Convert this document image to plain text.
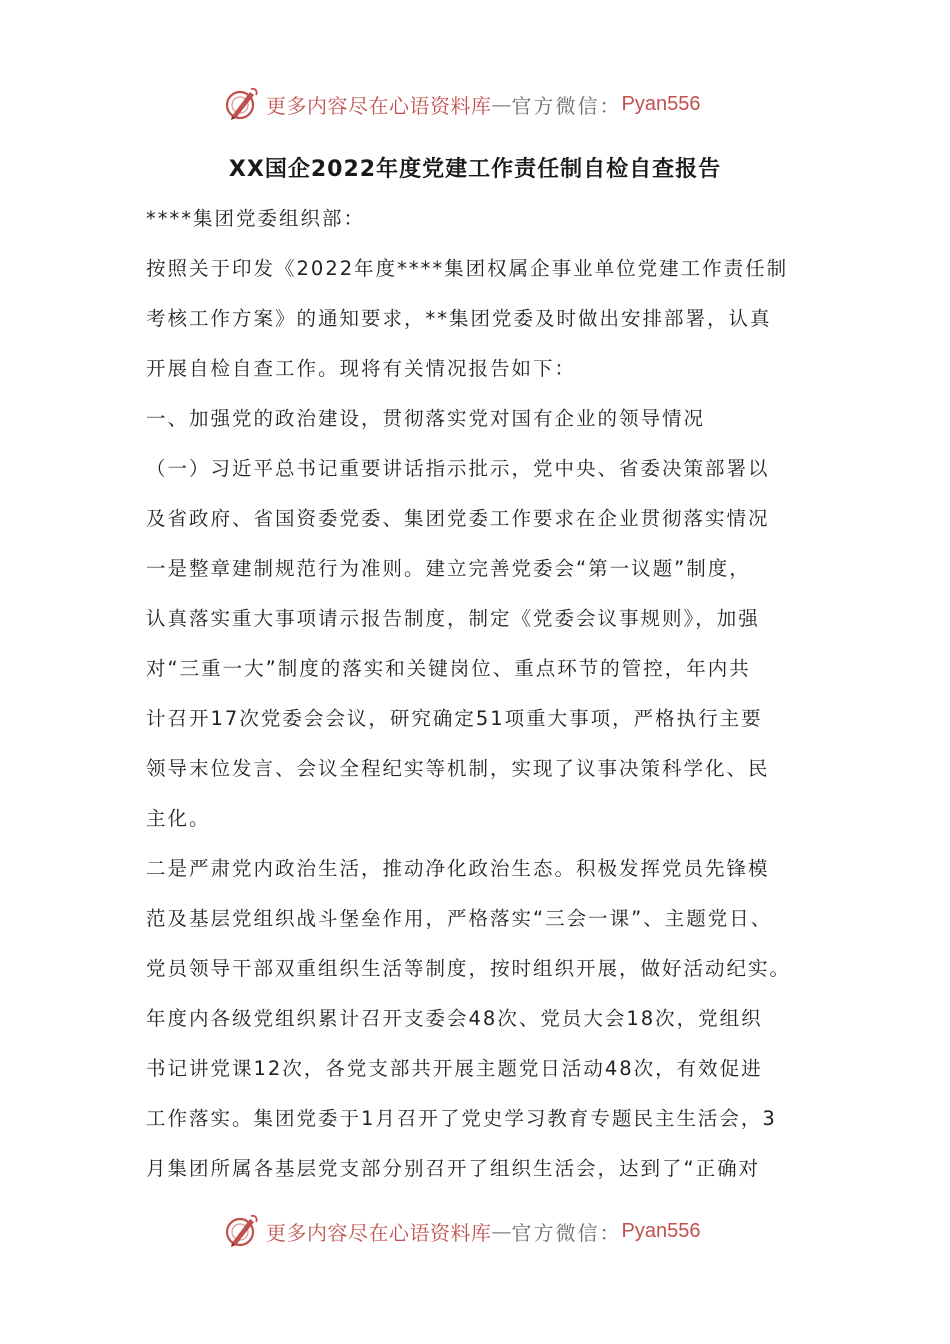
更多内容尽在心语资料库 — 官方微信： Pyan556
XX国企2022年度党建工作责任制自检自查报告
****集团党委组织部：
按照关于印发《2022年度****集团权属企事业单位党建工作责任制
考核工作方案》的通知要求，**集团党委及时做出安排部署，认真
开展自检自查工作。现将有关情况报告如下：
一、加强党的政治建设，贯彻落实党对国有企业的领导情况
（一）习近平总书记重要讲话指示批示，党中央、省委决策部署以
及省政府、省国资委党委、集团党委工作要求在企业贯彻落实情况
一是整章建制规范行为准则。建立完善党委会“第一议题”制度，
认真落实重大事项请示报告制度，制定《党委会议事规则》，加强
对“三重一大”制度的落实和关键岗位、重点环节的管控，年内共
计召开17次党委会会议，研究确定51项重大事项，严格执行主要
领导末位发言、会议全程纪实等机制，实现了议事决策科学化、民
主化。
二是严肃党内政治生活，推动净化政治生态。积极发挥党员先锋模
范及基层党组织战斗堡垒作用，严格落实“三会一课”、主题党日、
党员领导干部双重组织生活等制度，按时组织开展，做好活动纪实。
年度内各级党组织累计召开支委会48次、党员大会18次，党组织
书记讲党课12次，各党支部共开展主题党日活动48次，有效促进
工作落实。集团党委于1月召开了党史学习教育专题民主生活会，3
月集团所属各基层党支部分别召开了组织生活会，达到了“正确对
更多内容尽在心语资料库 — 官方微信： Pyan556
